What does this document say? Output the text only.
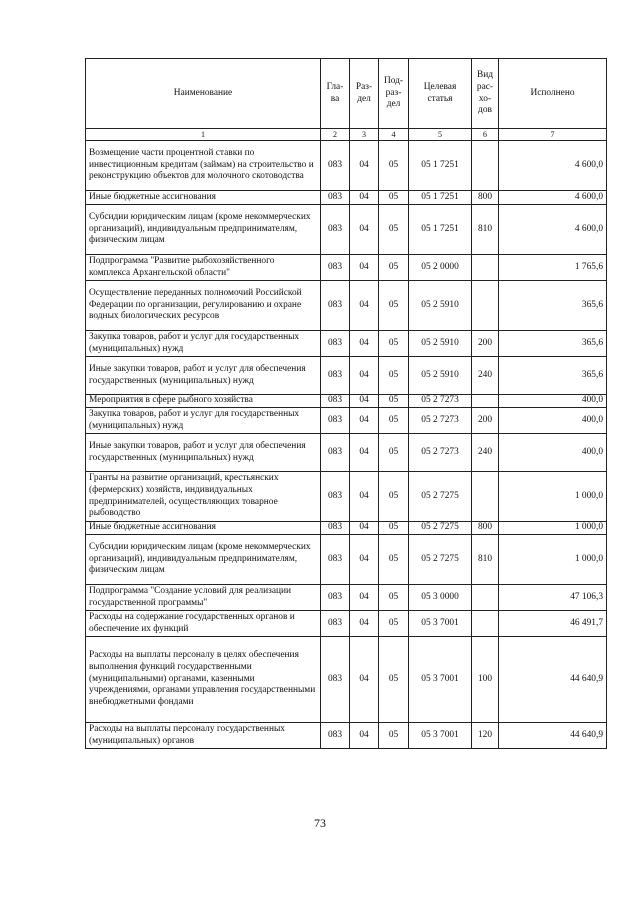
Наименование	Гла-ва	Раз-дел	Под-раз-дел	Целевая статья	Вид рас-хо-дов	Исполнено
1	2	3	4	5	6	7
Возмещение части процентной ставки по инвестиционным кредитам (займам) на строительство и реконструкцию объектов для молочного скотоводства	083	04	05	05 1 7251		4 600,0
Иные бюджетные ассигнования	083	04	05	05 1 7251	800	4 600,0
Субсидии юридическим лицам (кроме некоммерческих организаций), индивидуальным предпринимателям, физическим лицам	083	04	05	05 1 7251	810	4 600,0
Подпрограмма "Развитие рыбохозяйственного комплекса Архангельской области"	083	04	05	05 2 0000		1 765,6
Осуществление переданных полномочий Российской Федерации по организации, регулированию и охране водных биологических ресурсов	083	04	05	05 2 5910		365,6
Закупка товаров, работ и услуг для государственных (муниципальных) нужд	083	04	05	05 2 5910	200	365,6
Иные закупки товаров, работ и услуг для обеспечения государственных (муниципальных) нужд	083	04	05	05 2 5910	240	365,6
Мероприятия в сфере рыбного хозяйства	083	04	05	05 2 7273		400,0
Закупка товаров, работ и услуг для государственных (муниципальных) нужд	083	04	05	05 2 7273	200	400,0
Иные закупки товаров, работ и услуг для обеспечения государственных (муниципальных) нужд	083	04	05	05 2 7273	240	400,0
Гранты на развитие организаций, крестьянских (фермерских) хозяйств, индивидуальных предпринимателей, осуществляющих товарное рыбоводство	083	04	05	05 2 7275		1 000,0
Иные бюджетные ассигнования	083	04	05	05 2 7275	800	1 000,0
Субсидии юридическим лицам (кроме некоммерческих организаций), индивидуальным предпринимателям, физическим лицам	083	04	05	05 2 7275	810	1 000,0
Подпрограмма "Создание условий для реализации государственной программы"	083	04	05	05 3 0000		47 106,3
Расходы на содержание государственных органов и обеспечение их функций	083	04	05	05 3 7001		46 491,7
Расходы на выплаты персоналу в целях обеспечения выполнения функций государственными (муниципальными) органами, казенными учреждениями, органами управления государственными внебюджетными фондами	083	04	05	05 3 7001	100	44 640,9
Расходы на выплаты персоналу государственных (муниципальных) органов	083	04	05	05 3 7001	120	44 640,9
73
